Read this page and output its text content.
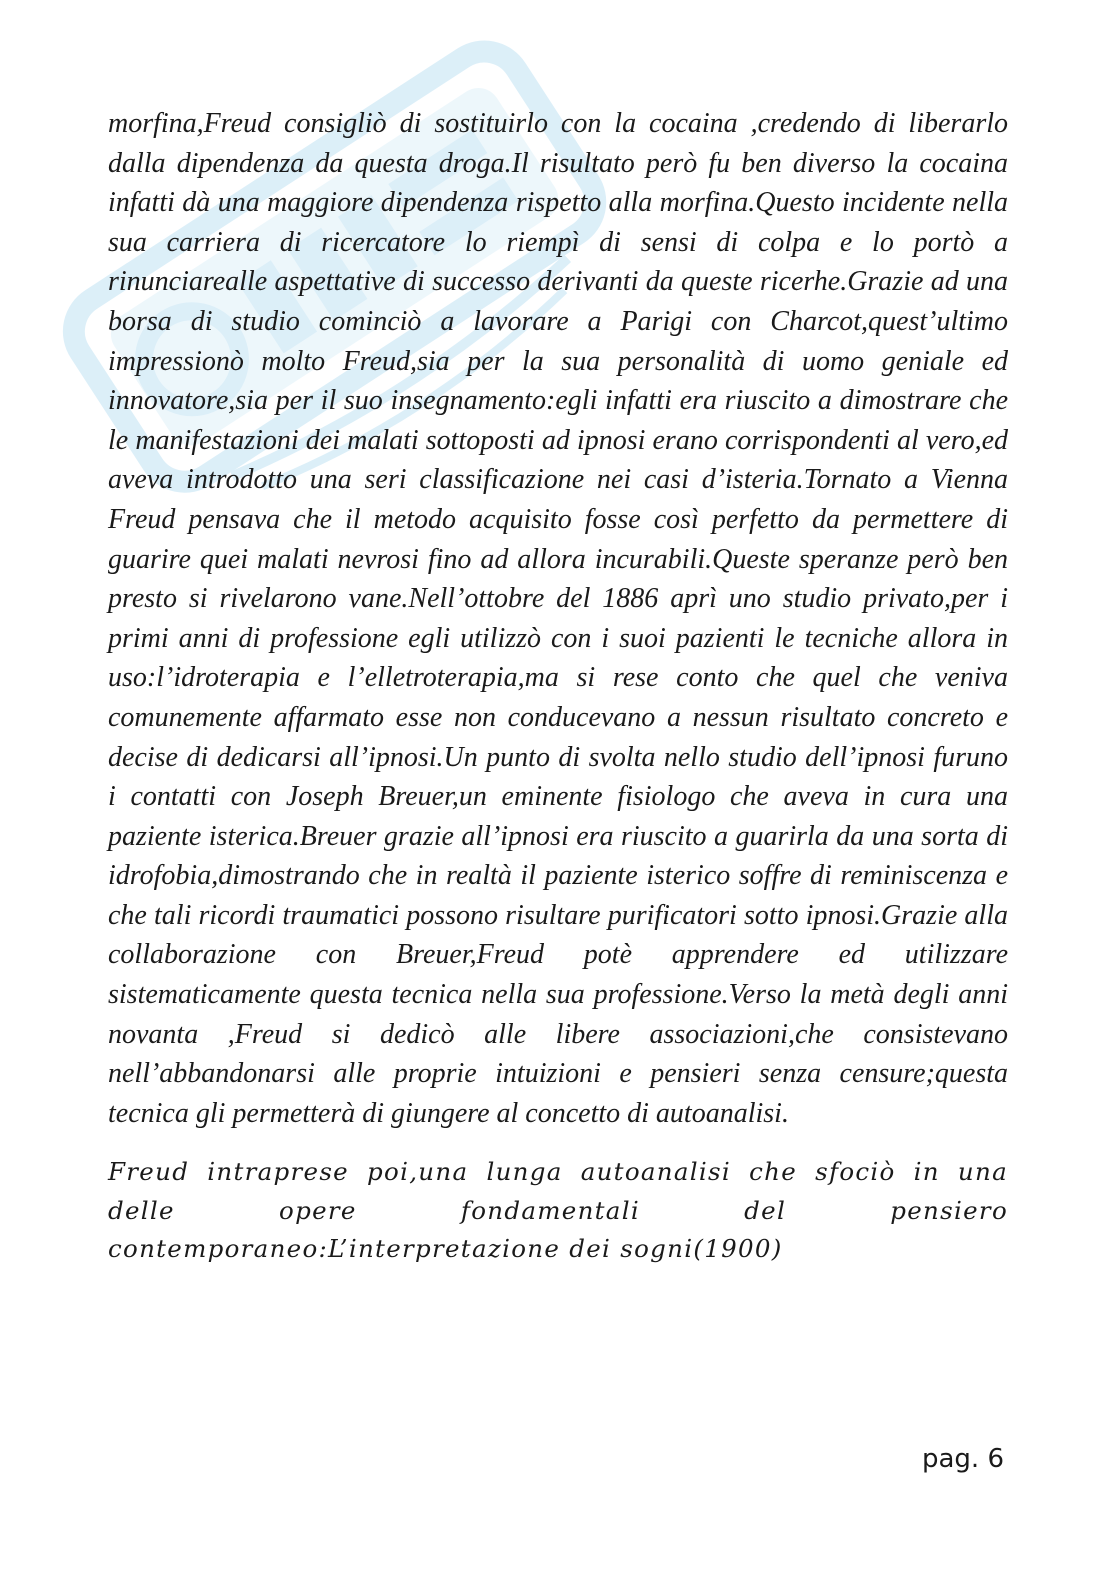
morfina,Freud consigliò di sostituirlo con la cocaina ,credendo di liberarlo dalla dipendenza da questa droga.Il risultato però fu ben diverso la cocaina infatti dà una maggiore dipendenza rispetto alla morfina.Questo incidente nella sua carriera di ricercatore lo riempì di sensi di colpa e lo portò a rinunciarealle aspettative di successo derivanti da queste ricerhe.Grazie ad una borsa di studio cominciò a lavorare a Parigi con Charcot,quest’ultimo impressionò molto Freud,sia per la sua personalità di uomo geniale ed innovatore,sia per il suo insegnamento:egli infatti era riuscito a dimostrare che le manifestazioni dei malati sottoposti ad ipnosi erano corrispondenti al vero,ed aveva introdotto una seri classificazione nei casi d’isteria.Tornato a Vienna Freud pensava che il metodo acquisito fosse così perfetto da permettere di guarire quei malati nevrosi fino ad allora incurabili.Queste speranze però ben presto si rivelarono vane.Nell’ottobre del 1886 aprì uno studio privato,per i primi anni di professione egli utilizzò con i suoi pazienti le tecniche allora in uso:l’idroterapia e l’elletroterapia,ma si rese conto che quel che veniva comunemente affarmato esse non conducevano a nessun risultato concreto e decise di dedicarsi all’ipnosi.Un punto di svolta nello studio dell’ipnosi furuno i contatti con Joseph Breuer,un eminente fisiologo che aveva in cura una paziente isterica.Breuer grazie all’ipnosi era riuscito a guarirla da una sorta di idrofobia,dimostrando che in realtà il paziente isterico soffre di reminiscenza e che tali ricordi traumatici possono risultare purificatori sotto ipnosi.Grazie alla collaborazione con Breuer,Freud potè apprendere ed utilizzare sistematicamente questa tecnica nella sua professione.Verso la metà degli anni novanta ,Freud si dedicò alle libere associazioni,che consistevano nell’abbandonarsi alle proprie intuizioni e pensieri senza censure;questa tecnica gli permetterà di giungere al concetto di autoanalisi.

Freud intraprese poi,una lunga autoanalisi che sfociò in una delle opere fondamentali del pensiero contemporaneo:L’interpretazione dei sogni(1900)

pag. 6
